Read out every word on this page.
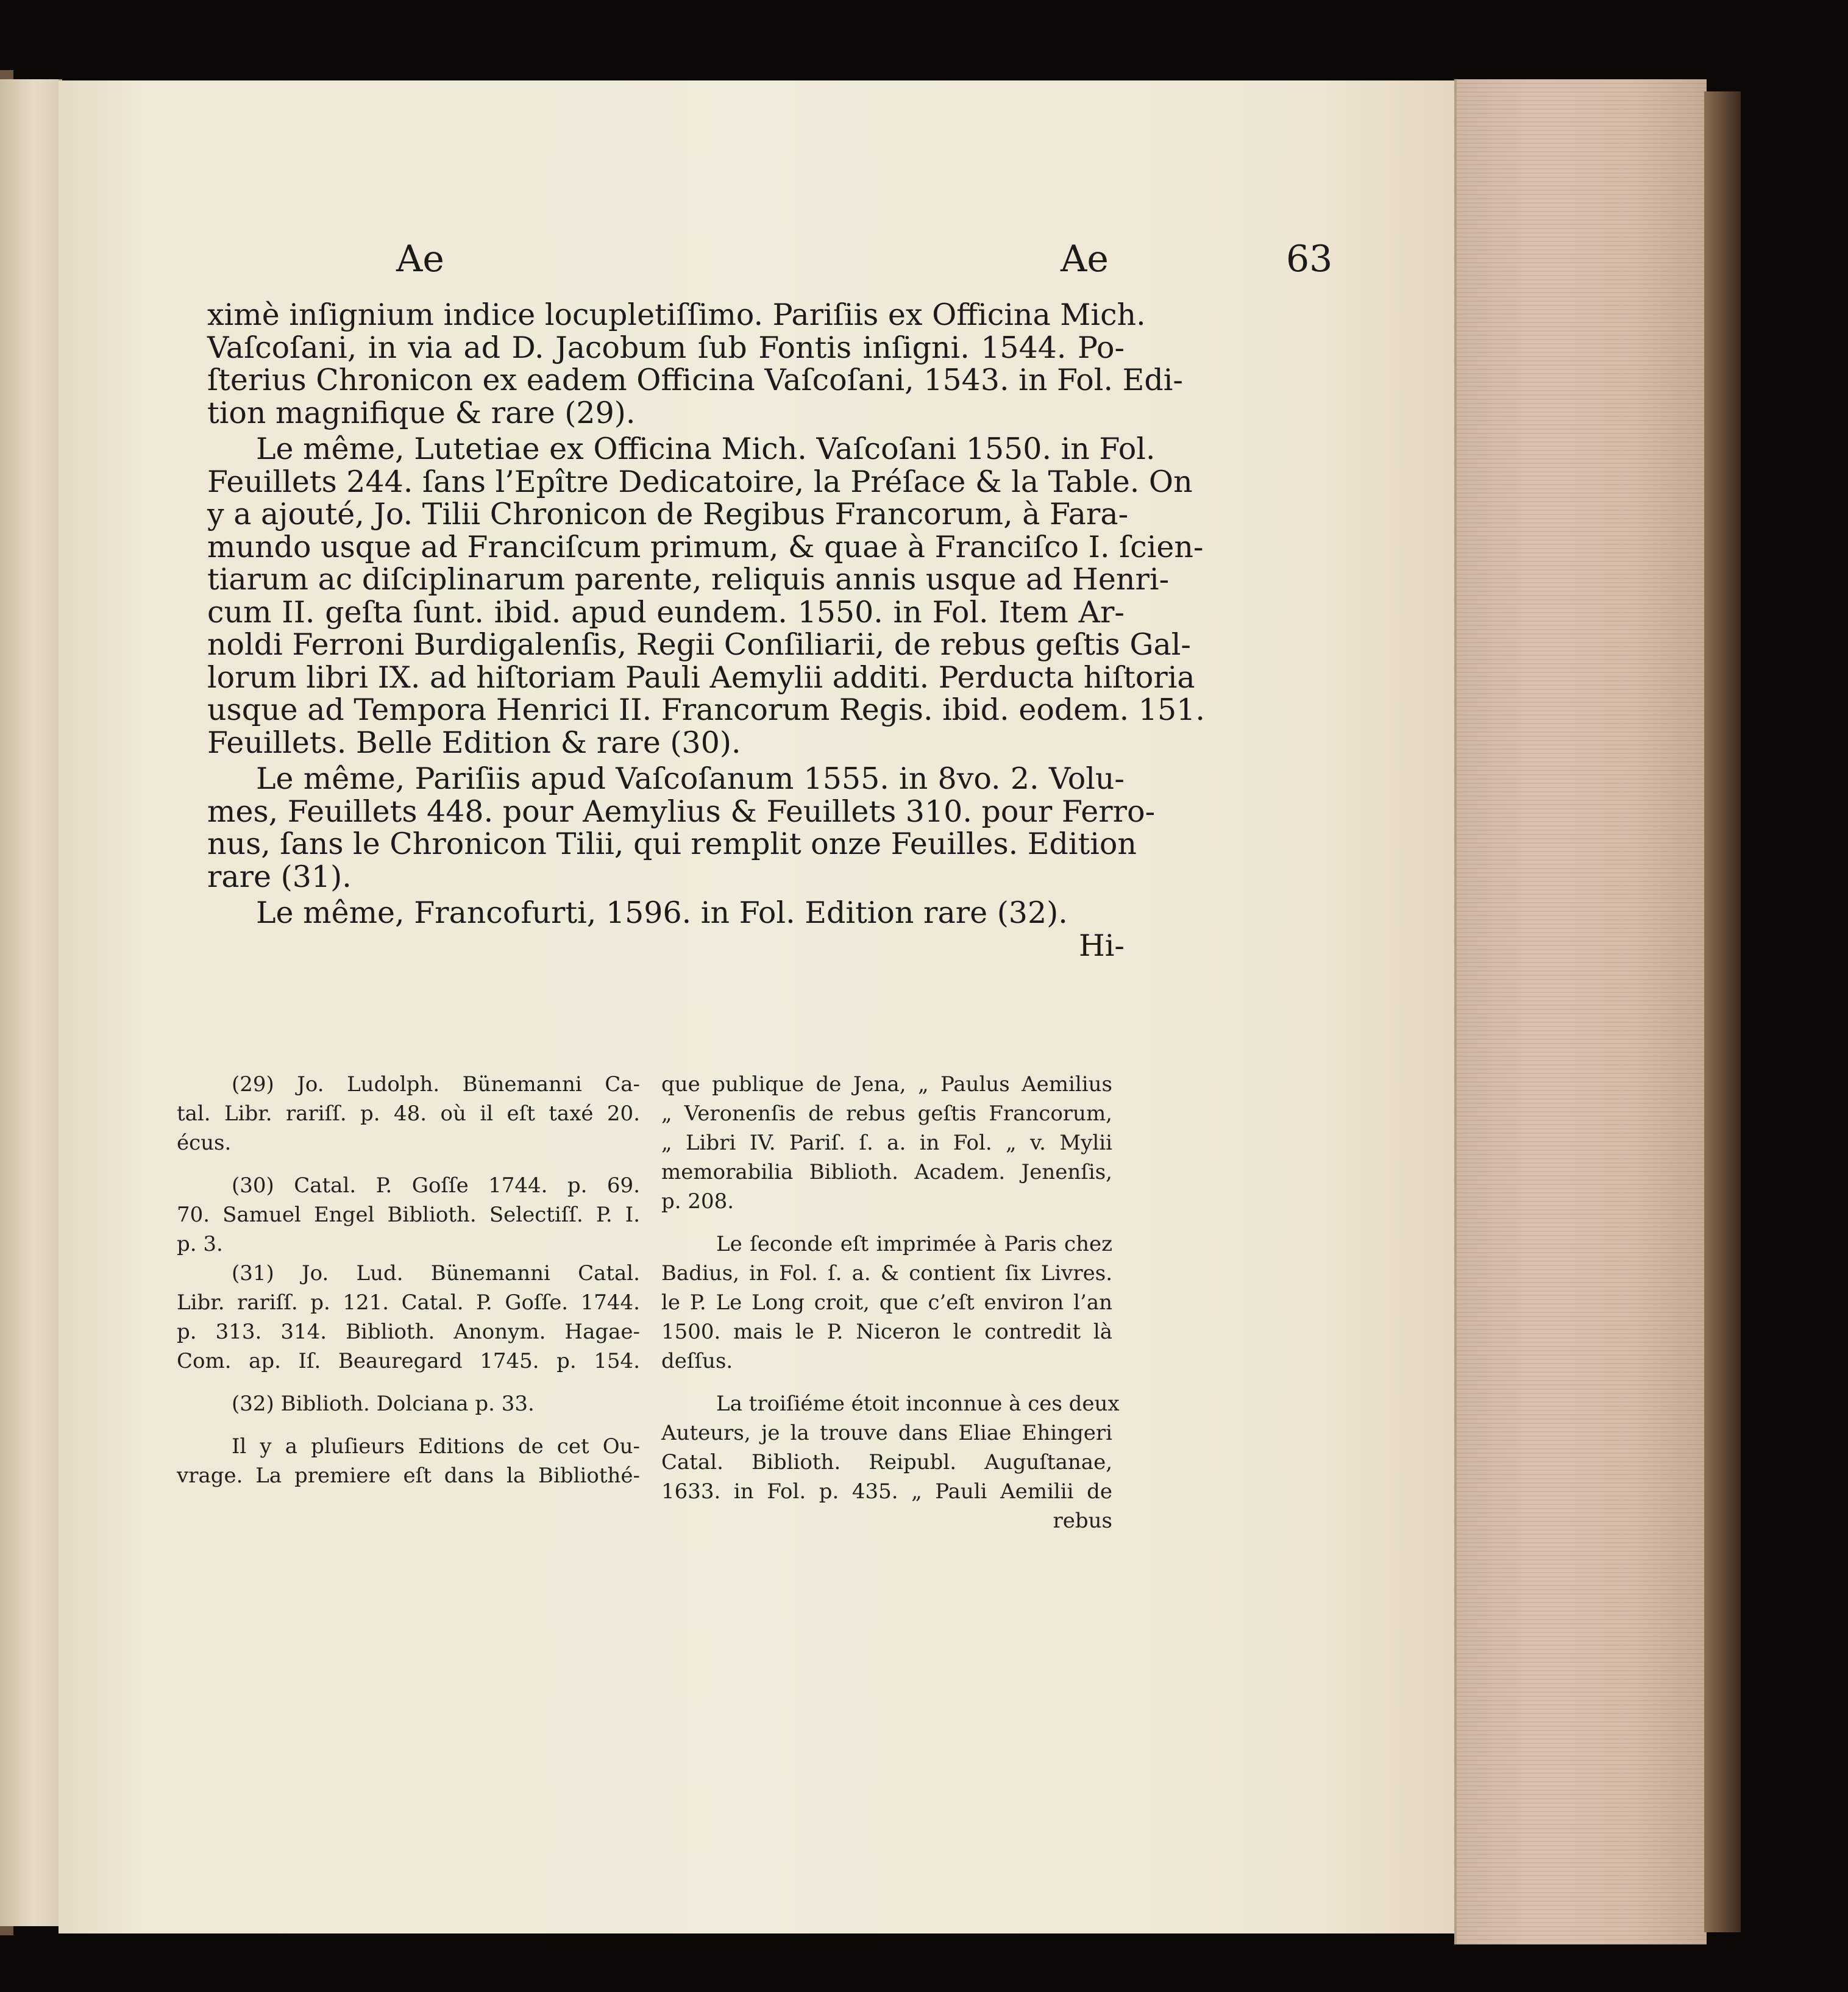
Ae	Ae	63
ximè inſignium indice locupletiſſimo. Pariſiis ex Officina Mich.
Vaſcoſani, in via ad D. Jacobum ſub Fontis inſigni. 1544. Po-
ſterius Chronicon ex eadem Officina Vaſcoſani, 1543. in Fol. Edi-
tion magnifique & rare (29).
Le même, Lutetiae ex Officina Mich. Vaſcoſani 1550. in Fol.
Feuillets 244. ſans l’Epître Dedicatoire, la Préſace & la Table. On
y a ajouté, Jo. Tilii Chronicon de Regibus Francorum, à Fara-
mundo usque ad Franciſcum primum, & quae à Franciſco I. ſcien-
tiarum ac diſciplinarum parente, reliquis annis usque ad Henri-
cum II. geſta ſunt. ibid. apud eundem. 1550. in Fol. Item Ar-
noldi Ferroni Burdigalenſis, Regii Conſiliarii, de rebus geſtis Gal-
lorum libri IX. ad hiſtoriam Pauli Aemylii additi. Perducta hiſtoria
usque ad Tempora Henrici II. Francorum Regis. ibid. eodem. 151.
Feuillets. Belle Edition & rare (30).
Le même, Pariſiis apud Vaſcoſanum 1555. in 8vo. 2. Volu-
mes, Feuillets 448. pour Aemylius & Feuillets 310. pour Ferro-
nus, ſans le Chronicon Tilii, qui remplit onze Feuilles. Edition
rare (31).
Le même, Francofurti, 1596. in Fol. Edition rare (32).
Hi-
(29) Jo. Ludolph. Bünemanni Ca-
tal. Libr. rariſſ. p. 48. où il eſt taxé 20.
écus.
(30) Catal. P. Goſſe 1744. p. 69.
70. Samuel Engel Biblioth. Selectiſſ. P. I.
p. 3.
(31) Jo. Lud. Bünemanni Catal.
Libr. rariſſ. p. 121. Catal. P. Goſſe. 1744.
p. 313. 314. Biblioth. Anonym. Hagae-
Com. ap. Iſ. Beauregard 1745. p. 154.
(32) Biblioth. Dolciana p. 33.
Il y a pluſieurs Editions de cet Ou-
vrage. La premiere eſt dans la Bibliothé-
que publique de Jena, „ Paulus Aemilius
„ Veronenſis de rebus geſtis Francorum,
„ Libri IV. Pariſ. ſ. a. in Fol. „ v. Mylii
memorabilia Biblioth. Academ. Jenenſis,
p. 208.
Le ſeconde eſt imprimée à Paris chez
Badius, in Fol. ſ. a. & contient ſix Livres.
le P. Le Long croit, que c’eſt environ l’an
1500. mais le P. Niceron le contredit là
deſſus.
La troiſiéme étoit inconnue à ces deux
Auteurs, je la trouve dans Eliae Ehingeri
Catal. Biblioth. Reipubl. Auguſtanae,
1633. in Fol. p. 435. „ Pauli Aemilii de
rebus
